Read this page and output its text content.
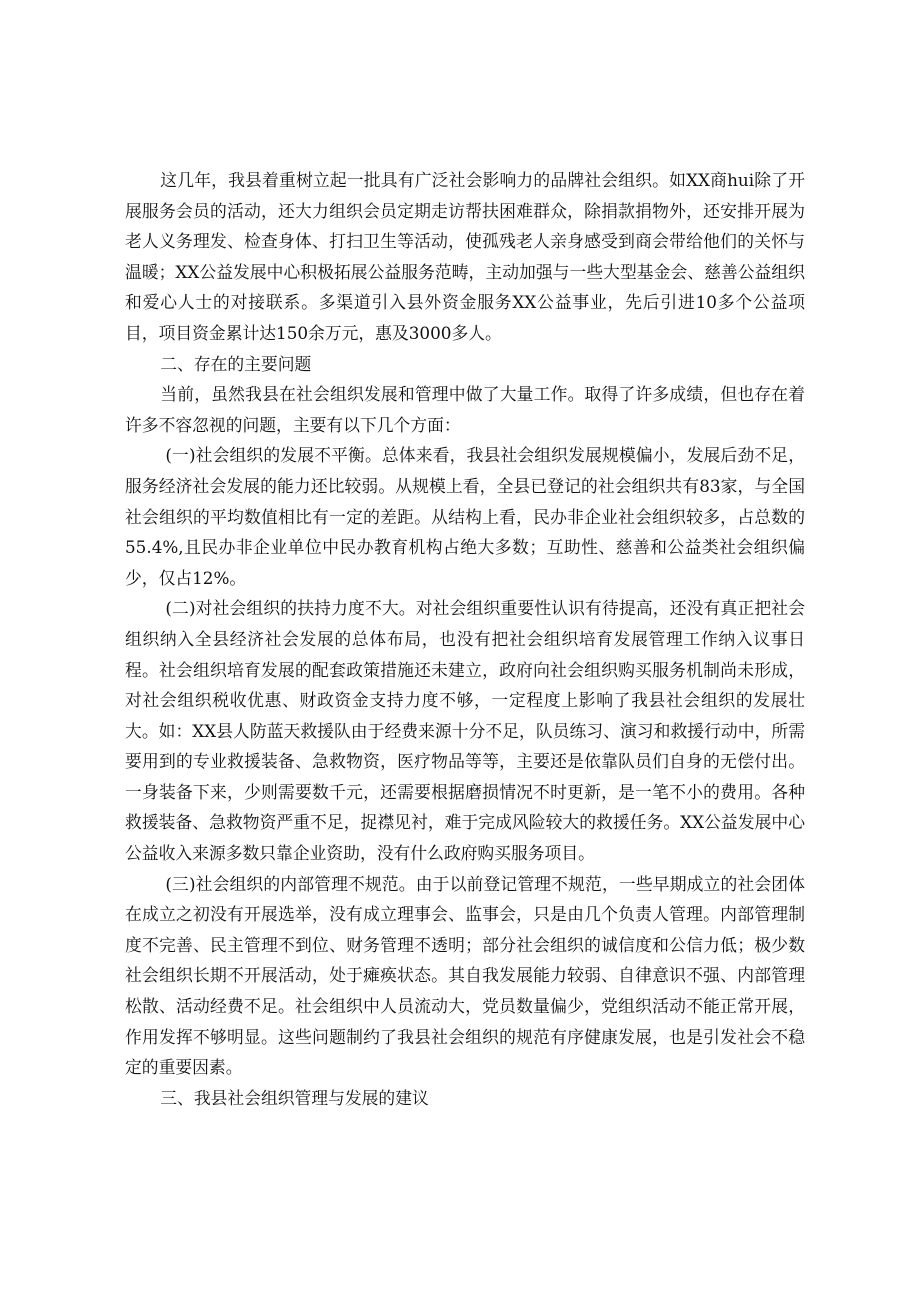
这几年，我县着重树立起一批具有广泛社会影响力的品牌社会组织。如XX商hui除了开展服务会员的活动，还大力组织会员定期走访帮扶困难群众，除捐款捐物外，还安排开展为老人义务理发、检查身体、打扫卫生等活动，使孤残老人亲身感受到商会带给他们的关怀与温暖；XX公益发展中心积极拓展公益服务范畴，主动加强与一些大型基金会、慈善公益组织和爱心人士的对接联系。多渠道引入县外资金服务XX公益事业，先后引进10多个公益项目，项目资金累计达150余万元，惠及3000多人。

二、存在的主要问题

当前，虽然我县在社会组织发展和管理中做了大量工作。取得了许多成绩，但也存在着许多不容忽视的问题，主要有以下几个方面：

(一)社会组织的发展不平衡。总体来看，我县社会组织发展规模偏小，发展后劲不足，服务经济社会发展的能力还比较弱。从规模上看，全县已登记的社会组织共有83家，与全国社会组织的平均数值相比有一定的差距。从结构上看，民办非企业社会组织较多，占总数的55.4%,且民办非企业单位中民办教育机构占绝大多数；互助性、慈善和公益类社会组织偏少，仅占12%。

(二)对社会组织的扶持力度不大。对社会组织重要性认识有待提高，还没有真正把社会组织纳入全县经济社会发展的总体布局，也没有把社会组织培育发展管理工作纳入议事日程。社会组织培育发展的配套政策措施还未建立，政府向社会组织购买服务机制尚未形成，对社会组织税收优惠、财政资金支持力度不够，一定程度上影响了我县社会组织的发展壮大。如：XX县人防蓝天救援队由于经费来源十分不足，队员练习、演习和救援行动中，所需要用到的专业救援装备、急救物资，医疗物品等等，主要还是依靠队员们自身的无偿付出。一身装备下来，少则需要数千元，还需要根据磨损情况不时更新，是一笔不小的费用。各种救援装备、急救物资严重不足，捉襟见衬，难于完成风险较大的救援任务。XX公益发展中心公益收入来源多数只靠企业资助，没有什么政府购买服务项目。

(三)社会组织的内部管理不规范。由于以前登记管理不规范，一些早期成立的社会团体在成立之初没有开展选举，没有成立理事会、监事会，只是由几个负责人管理。内部管理制度不完善、民主管理不到位、财务管理不透明；部分社会组织的诚信度和公信力低；极少数社会组织长期不开展活动，处于瘫痪状态。其自我发展能力较弱、自律意识不强、内部管理松散、活动经费不足。社会组织中人员流动大，党员数量偏少，党组织活动不能正常开展，作用发挥不够明显。这些问题制约了我县社会组织的规范有序健康发展，也是引发社会不稳定的重要因素。

三、我县社会组织管理与发展的建议
